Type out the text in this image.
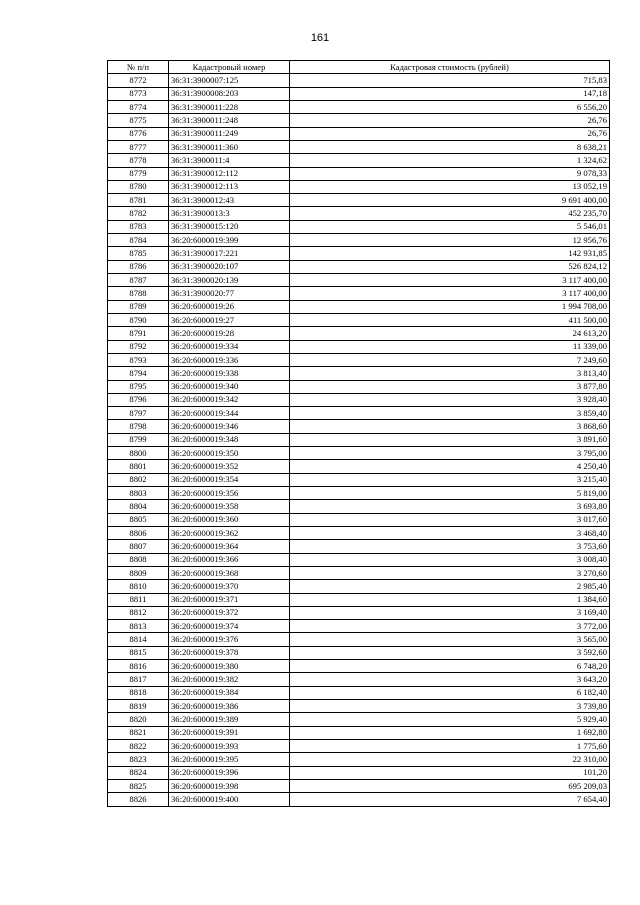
161
№ п/п	Кадастровый номер	Кадастровая стоимость (рублей)
8772	36:31:3900007:125	715,83
8773	36:31:3900008:203	147,18
8774	36:31:3900011:228	6 556,20
8775	36:31:3900011:248	26,76
8776	36:31:3900011:249	26,76
8777	36:31:3900011:360	8 638,21
8778	36:31:3900011:4	1 324,62
8779	36:31:3900012:112	9 078,33
8780	36:31:3900012:113	13 052,19
8781	36:31:3900012:43	9 691 400,00
8782	36:31:3900013:3	452 235,70
8783	36:31:3900015:120	5 546,01
8784	36:20:6000019:399	12 956,76
8785	36:31:3900017:221	142 931,85
8786	36:31:3900020:107	526 824,12
8787	36:31:3900020:139	3 117 400,00
8788	36:31:3900020:77	3 117 400,00
8789	36:20:6000019:26	1 994 708,00
8790	36:20:6000019:27	411 500,00
8791	36:20:6000019:28	24 613,20
8792	36:20:6000019:334	11 339,00
8793	36:20:6000019:336	7 249,60
8794	36:20:6000019:338	3 813,40
8795	36:20:6000019:340	3 877,80
8796	36:20:6000019:342	3 928,40
8797	36:20:6000019:344	3 859,40
8798	36:20:6000019:346	3 868,60
8799	36:20:6000019:348	3 891,60
8800	36:20:6000019:350	3 795,00
8801	36:20:6000019:352	4 250,40
8802	36:20:6000019:354	3 215,40
8803	36:20:6000019:356	5 819,00
8804	36:20:6000019:358	3 693,80
8805	36:20:6000019:360	3 017,60
8806	36:20:6000019:362	3 468,40
8807	36:20:6000019:364	3 753,60
8808	36:20:6000019:366	3 008,40
8809	36:20:6000019:368	3 270,60
8810	36:20:6000019:370	2 985,40
8811	36:20:6000019:371	1 384,60
8812	36:20:6000019:372	3 169,40
8813	36:20:6000019:374	3 772,00
8814	36:20:6000019:376	3 565,00
8815	36:20:6000019:378	3 592,60
8816	36:20:6000019:380	6 748,20
8817	36:20:6000019:382	3 643,20
8818	36:20:6000019:384	6 182,40
8819	36:20:6000019:386	3 739,80
8820	36:20:6000019:389	5 929,40
8821	36:20:6000019:391	1 692,80
8822	36:20:6000019:393	1 775,60
8823	36:20:6000019:395	22 310,00
8824	36:20:6000019:396	101,20
8825	36:20:6000019:398	695 209,03
8826	36:20:6000019:400	7 654,40
